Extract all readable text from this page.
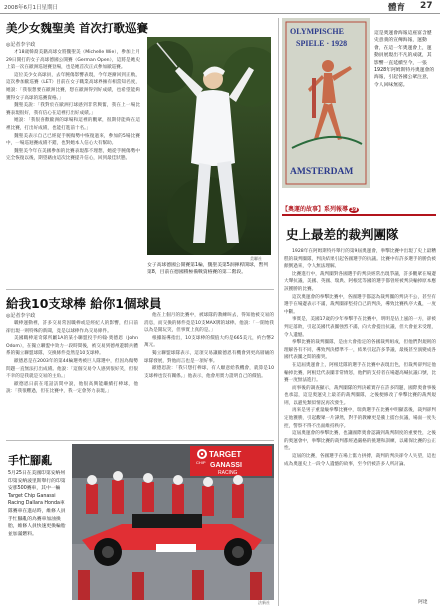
2008年6月1日星期日	體育 27
美少女魏聖美 首次打歌巡賽
◎記者李宇政

才18歲韓裔美籍高球女將魏聖美（Michelle Wie），參加上月29日開打的女子高球德國公開賽（German Open），這將是她史上第一次在歐洲巡迴賽登場，也是她首次正式參加歐巡賽。

這位美少女高球員，去年腕傷影響表現，今年逐漸回到正軌，這次參加歐巡賽（LET）目前在女子職業高球界擁有相當知名度，她說：「我很想要在歐洲比賽，想在歐洲得到好成績，也希望能夠獲得女子高球的巡賽資格。」

魏聖美說：「我對於在歐洲打球感到非常興奮，我在上一場比賽表現很好，我有信心在這裡打出好成績。」

她說：「我很喜歡歐洲的球場和這裡的觀眾，很期待能夠在這裡比賽，打出好成績，也能打進前十名。」

魏聖美表示自己已經從手腕傷勢中恢復過來，參加的5場比賽中，一場巡迴賽成績不錯，也對她本人信心大有幫助。

魏聖美今年在美國參加的比賽表現都不理想，她從手腕傷勢中完全恢復以後，期望藉由這次比賽提升信心，回到最佳狀態。

美聯社
女子高球德國公開賽第1輪，魏聖美第5洞揮桿開球，暫列第8，目前在德國積極備戰資格賽的第二階段。
給我10支球棒 給你1個球員
◎記者李宇政

職棒運動裡，許多交易常因職棒或是經紀人的影響，但日前卻出現一則特殊的新聞，竟是以球棒作為交易條件。

美國職棒道奇隊所屬1A的某小聯盟投手約翰·奧德恩（John Odom），在獨立聯盟中效力一段時間後，被交易到德州遊騎兵體系的獨立聯盟球隊，交換條件竟然是10支球棒。

歐德恩是在2003年的第44輪選秀被巨人隊選中，但因為傷勢問題一直無法打出成績。他說：「這個交易令人感到很好笑，但很不幸的是我就是交易的主角。」

歐德恩日前在電話訪問中說，他很高興能繼續打棒球，他說：「我很難過，但在比賽中，我一定會努力表現。」

他在上個月的比賽中，被球隊的教練叫去，得知他被交易的消息，而交換的條件竟是10支MAX牌的球棒。他說：「一開始我以為是開玩笑，但事實上真的是。」

根據報導指出，10支球棒的價值大約是665美元，約台幣2萬元。

獨立聯盟球隊表示，這項交易讓歐德恩有機會到更高層級的球隊發展，對他而言也是一項好事。

歐德恩說：「我只想打棒球，有人願意給我機會，就算是10支球棒也沒有關係。」他表示，他會用實力證明自己的價值。

手忙腳亂
5月25日在美國印第安納州印第安納波里斯舉行的印第安那500賽車，其中一輛Target Chip Ganassi Racing Dallara Honda車隊賽車在進站時，維修人員手忙腳亂的為賽車加油換胎，維修人員快速更換輪胎並加滿燃料。
TARGET
CHIP GANASSI
RACING
法新社
OLYMPISCHE
SPIELE · 1928
AMSTERDAM
這是奧運會海報這座富含歷史意義的宣傳海報，運動會，在這一年奧運會上，運動員展現出不凡的成就，其影響一直延續至今，一張1928年阿姆斯特丹奧運會的海報，引起各國公眾注意，令人回味無窮。
【奧運的故事】系列報導 39
史上最差的裁判團隊

1928年在阿姆斯特丹舉行的第9屆奧運會，拳擊比賽中出現了史上最糟糕的裁判團隊，判決結果引起各國選手的抗議。比賽中有許多選手的勝負被顛倒過來，令人無法理解。

比賽進行中，裁判團對各國選手的判決經常出現爭議，許多觀眾在場邊大聲抗議，美國、英國、瑞典、阿根廷等國的選手都曾經被判決輸掉原本應該獲勝的比賽。

這次奧運會的拳擊比賽中，各國選手都認為裁判團的判決不公，甚至有選手在場邊表示不滿，裁判團卻堅持自己的判決，導致比賽秩序大亂，一度中斷。

事實是，美國17歲的少年拳擊手在比賽中，明明是佔上風的一方，卻被判定落敗，引起美國代表團強烈不滿，向大會提出抗議，但大會並未受理，令人遺憾。

拳擊比賽的裁判團隊，是由大會指定的各國裁判組成，但他們對規則的理解各有不同，導致判決標準不一，結果引起許多爭議，最後甚至演變成各國代表團之間的衝突。

在這屆奧運會上，阿根廷隊的選手在比賽中表現出色，但裁判卻判定他輸掉比賽，阿根廷代表團非常憤怒，他們的支持者在場邊高喊抗議口號，比賽一度無法進行。

而事後的調查顯示，裁判團隊的判決確實存在許多問題，國際奧會事後也承認，這是奧運史上最差的裁判團隊，之後便修改了拳擊比賽的裁判規則，以避免類似情況再次發生。

再來是男子重量級拳擊比賽中，瑞典選手在比賽中明顯落後，裁判卻判定他獲勝，引起觀眾一片譁然，對手的教練更是衝上擂台抗議，場面一度失控，警察不得不出面維持秩序。

這屆奧運會的拳擊比賽，也讓國際奧會認識到裁判制度的重要性，之後的奧運會中，拳擊比賽的裁判都經過嚴格的挑選和訓練，以確保比賽的公正性。

這屆的比賽，各國選手在場上奮力拼搏，裁判的判決卻令人失望，這也成為奧運史上一段令人遺憾的故事，至今仍被許多人所討論。

阿達
